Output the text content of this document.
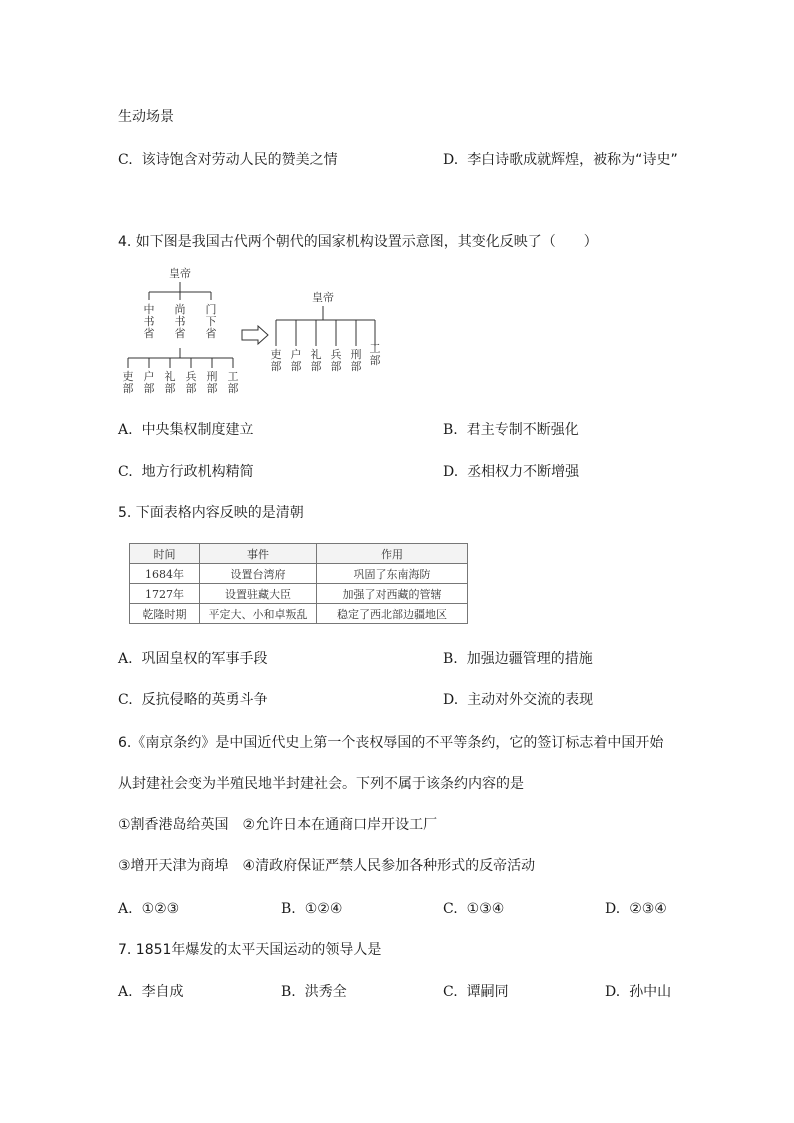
生动场景
C. 该诗饱含对劳动人民的赞美之情	D. 李白诗歌成就辉煌，被称为“诗史”
4. 如下图是我国古代两个朝代的国家机构设置示意图，其变化反映了（　　）
皇帝
中书省
尚书省
门下省
吏部
户部
礼部
兵部
刑部
工部
皇帝
吏部
户部
礼部
兵部
刑部
工部
A. 中央集权制度建立	B. 君主专制不断强化
C. 地方行政机构精简	D. 丞相权力不断增强
5. 下面表格内容反映的是清朝
时间	事件	作用
1684年	设置台湾府	巩固了东南海防
1727年	设置驻藏大臣	加强了对西藏的管辖
乾隆时期	平定大、小和卓叛乱	稳定了西北部边疆地区
A. 巩固皇权的军事手段	B. 加强边疆管理的措施
C. 反抗侵略的英勇斗争	D. 主动对外交流的表现
6.《南京条约》是中国近代史上第一个丧权辱国的不平等条约，它的签订标志着中国开始
从封建社会变为半殖民地半封建社会。下列不属于该条约内容的是
①割香港岛给英国　②允许日本在通商口岸开设工厂
③增开天津为商埠　④清政府保证严禁人民参加各种形式的反帝活动
A. ①②③	B. ①②④	C. ①③④	D. ②③④
7. 1851年爆发的太平天国运动的领导人是
A. 李自成	B. 洪秀全	C. 谭嗣同	D. 孙中山
